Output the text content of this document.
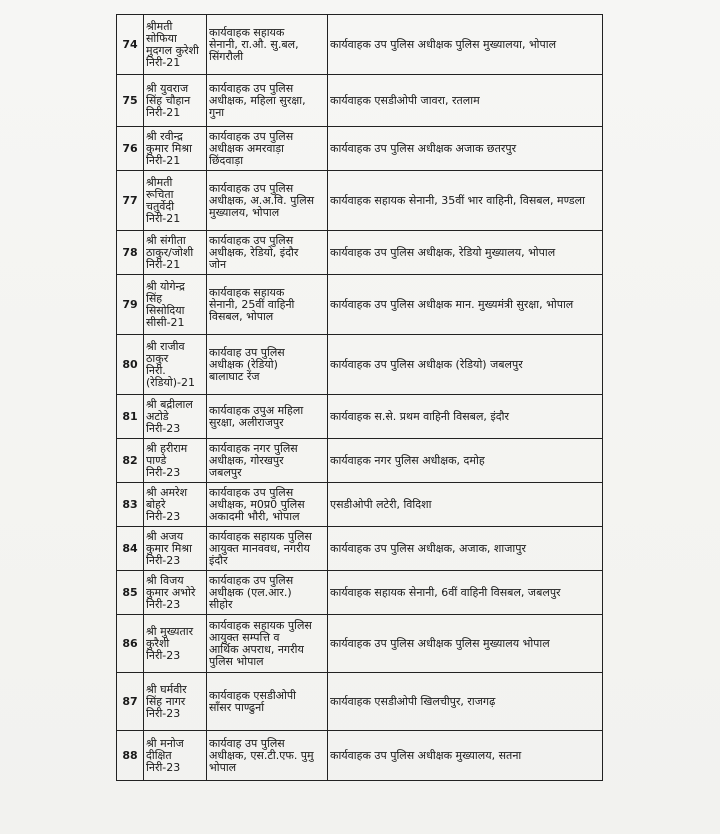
74	श्रीमती
सोफिया
मुदगल कुरेशी
निरी-21	कार्यवाहक सहायक
सेनानी, रा.औ. सु.बल,
सिंगरौली	कार्यवाहक उप पुलिस अधीक्षक पुलिस मुख्यालया, भोपाल
75	श्री युवराज
सिंह चौहान
निरी-21	कार्यवाहक उप पुलिस
अधीक्षक, महिला सुरक्षा,
गुना	कार्यवाहक एसडीओपी जावरा, रतलाम
76	श्री रवीन्द्र
कुमार मिश्रा
निरी-21	कार्यवाहक उप पुलिस
अधीक्षक अमरवाड़ा
छिंदवाड़ा	कार्यवाहक उप पुलिस अधीक्षक अजाक छतरपुर
77	श्रीमती
रूचिता
चतुर्वेदी
निरी-21	कार्यवाहक उप पुलिस
अधीक्षक, अ.अ.वि. पुलिस
मुख्यालय, भोपाल	कार्यवाहक सहायक सेनानी, 35वीं भार वाहिनी, विसबल, मण्डला
78	श्री संगीता
ठाकुर/जोशी
निरी-21	कार्यवाहक उप पुलिस
अधीक्षक, रेडियो, इंदौर
जोन	कार्यवाहक उप पुलिस अधीक्षक, रेडियो मुख्यालय, भोपाल
79	श्री योगेन्द्र
सिंह
सिसोदिया
सीसी-21	कार्यवाहक सहायक
सेनानी, 25वीं वाहिनी
विसबल, भोपाल	कार्यवाहक उप पुलिस अधीक्षक मान. मुख्यमंत्री सुरक्षा, भोपाल
80	श्री राजीव
ठाकुर
निरी.
(रेडियो)-21	कार्यवाह उप पुलिस
अधीक्षक (रेडियो)
बालाघाट रेंज	कार्यवाहक उप पुलिस अधीक्षक (रेडियो) जबलपुर
81	श्री बद्रीलाल
अटोडे
निरी-23	कार्यवाहक उपुअ महिला
सुरक्षा, अलीराजपुर	कार्यवाहक स.से. प्रथम वाहिनी विसबल, इंदौर
82	श्री हरीराम
पाण्डे
निरी-23	कार्यवाहक नगर पुलिस
अधीक्षक, गोरखपुर
जबलपुर	कार्यवाहक नगर पुलिस अधीक्षक, दमोह
83	श्री अमरेश
बोहरे
निरी-23	कार्यवाहक उप पुलिस
अधीक्षक, म0प्र0 पुलिस
अकादमी भौरी, भोपाल	एसडीओपी लटेरी, विदिशा
84	श्री अजय
कुमार मिश्रा
निरी-23	कार्यवाहक सहायक पुलिस
आयुक्त मानववध, नगरीय
इंदौर	कार्यवाहक उप पुलिस अधीक्षक, अजाक, शाजापुर
85	श्री विजय
कुमार अभोरे
निरी-23	कार्यवाहक उप पुलिस
अधीक्षक (एल.आर.)
सीहोर	कार्यवाहक सहायक सेनानी, 6वीं वाहिनी विसबल, जबलपुर
86	श्री मुख्यतार
कुरैशी
निरी-23	कार्यवाहक सहायक पुलिस
आयुक्त सम्पत्ति व
आर्थिक अपराध, नगरीय
पुलिस भोपाल	कार्यवाहक उप पुलिस अधीक्षक पुलिस मुख्यालय भोपाल
87	श्री घर्मवीर
सिंह नागर
निरी-23	कार्यवाहक एसडीओपी
साँसर पाण्ढुर्ना	कार्यवाहक एसडीओपी खिलचीपुर, राजगढ़
88	श्री मनोज
दीक्षित
निरी-23	कार्यवाह उप पुलिस
अधीक्षक, एस.टी.एफ. पुमु
भोपाल	कार्यवाहक उप पुलिस अधीक्षक मुख्यालय, सतना
